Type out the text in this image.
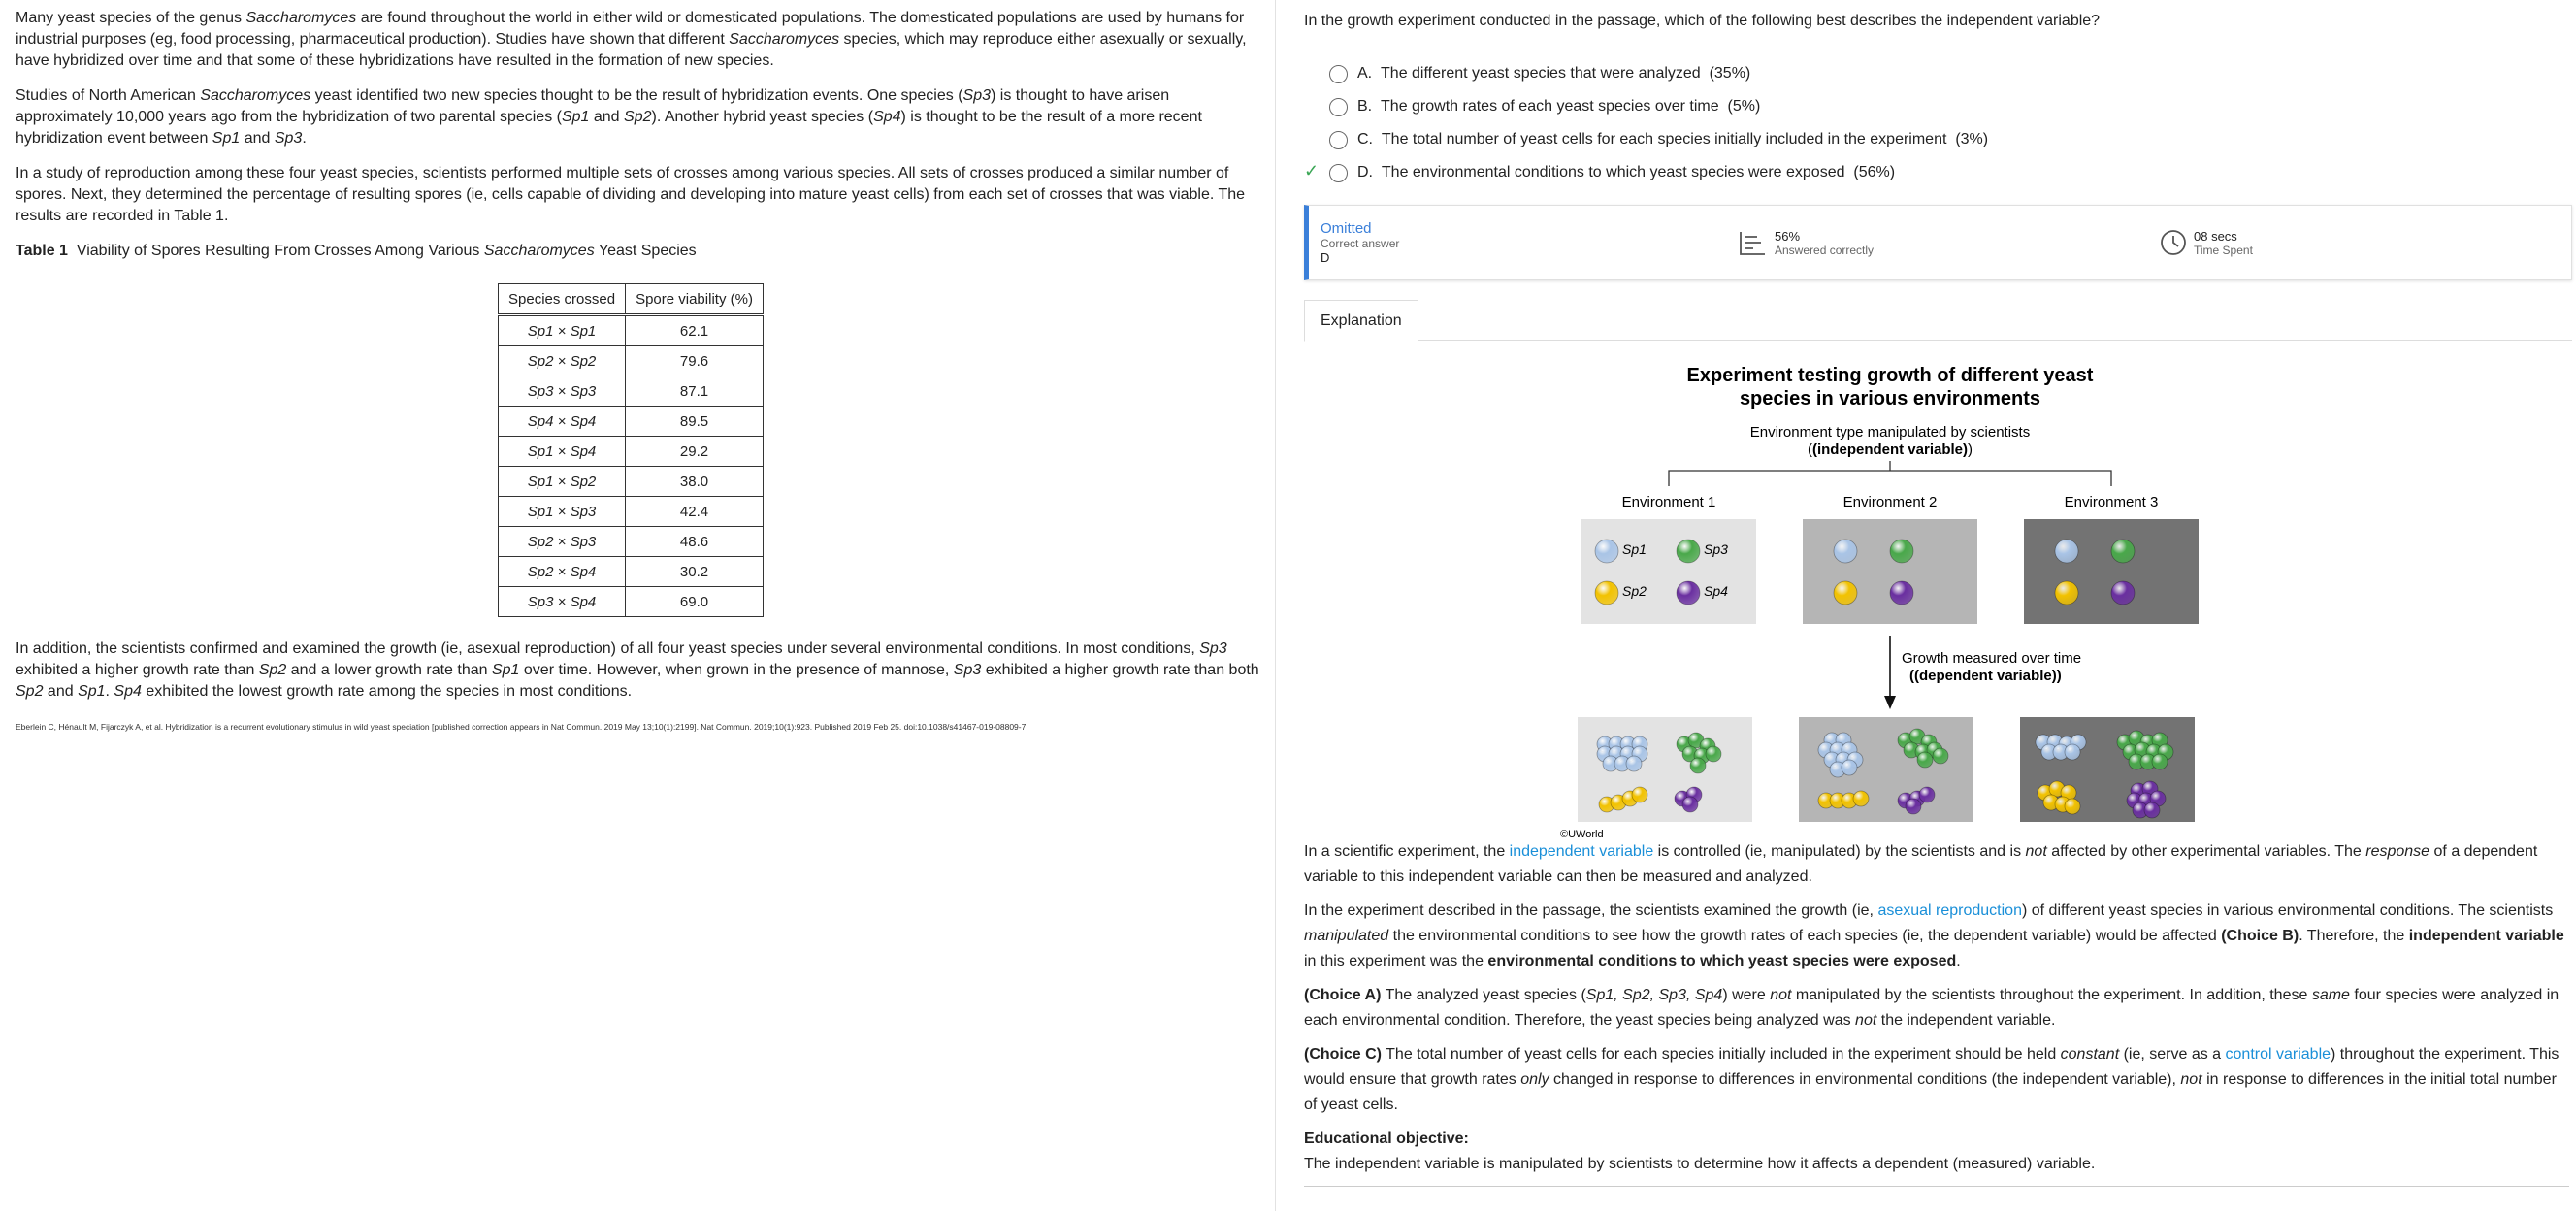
Many yeast species of the genus Saccharomyces are found throughout the world in either wild or domesticated populations. The domesticated populations are used by humans for industrial purposes (eg, food processing, pharmaceutical production). Studies have shown that different Saccharomyces species, which may reproduce either asexually or sexually, have hybridized over time and that some of these hybridizations have resulted in the formation of new species.

Studies of North American Saccharomyces yeast identified two new species thought to be the result of hybridization events. One species (Sp3) is thought to have arisen approximately 10,000 years ago from the hybridization of two parental species (Sp1 and Sp2). Another hybrid yeast species (Sp4) is thought to be the result of a more recent hybridization event between Sp1 and Sp3.

In a study of reproduction among these four yeast species, scientists performed multiple sets of crosses among various species. All sets of crosses produced a similar number of spores. Next, they determined the percentage of resulting spores (ie, cells capable of dividing and developing into mature yeast cells) from each set of crosses that was viable. The results are recorded in Table 1.

Table 1 Viability of Spores Resulting From Crosses Among Various Saccharomyces Yeast Species

Species crossed	Spore viability (%)
Sp1 × Sp1	62.1
Sp2 × Sp2	79.6
Sp3 × Sp3	87.1
Sp4 × Sp4	89.5
Sp1 × Sp4	29.2
Sp1 × Sp2	38.0
Sp1 × Sp3	42.4
Sp2 × Sp3	48.6
Sp2 × Sp4	30.2
Sp3 × Sp4	69.0

In addition, the scientists confirmed and examined the growth (ie, asexual reproduction) of all four yeast species under several environmental conditions. In most conditions, Sp3 exhibited a higher growth rate than Sp2 and a lower growth rate than Sp1 over time. However, when grown in the presence of mannose, Sp3 exhibited a higher growth rate than both Sp2 and Sp1. Sp4 exhibited the lowest growth rate among the species in most conditions.

Eberlein C, Hénault M, Fijarczyk A, et al. Hybridization is a recurrent evolutionary stimulus in wild yeast speciation [published correction appears in Nat Commun. 2019 May 13;10(1):2199]. Nat Commun. 2019;10(1):923. Published 2019 Feb 25. doi:10.1038/s41467-019-08809-7

In the growth experiment conducted in the passage, which of the following best describes the independent variable?

A.
The different yeast species that were analyzed
(35%)
B.
The growth rates of each yeast species over time
(5%)
C.
The total number of yeast cells for each species initially included in the experiment
(3%)
✓ D.
The environmental conditions to which yeast species were exposed
(56%)
Omitted
Correct answer
D
56%
Answered correctly
08 secs
Time Spent
Explanation
Experiment testing growth of different yeast
species in various environments
Environment type manipulated by scientists
((independent variable))
Environment 1	Environment 2	Environment 3
Sp1	Sp3
Sp2	Sp4
Growth measured over time
((dependent variable))
©UWorld

In a scientific experiment, the independent variable is controlled (ie, manipulated) by the scientists and is not affected by other experimental variables. The response of a dependent variable to this independent variable can then be measured and analyzed.

In the experiment described in the passage, the scientists examined the growth (ie, asexual reproduction) of different yeast species in various environmental conditions. The scientists manipulated the environmental conditions to see how the growth rates of each species (ie, the dependent variable) would be affected (Choice B). Therefore, the independent variable in this experiment was the environmental conditions to which yeast species were exposed.

(Choice A) The analyzed yeast species (Sp1, Sp2, Sp3, Sp4) were not manipulated by the scientists throughout the experiment. In addition, these same four species were analyzed in each environmental condition. Therefore, the yeast species being analyzed was not the independent variable.

(Choice C) The total number of yeast cells for each species initially included in the experiment should be held constant (ie, serve as a control variable) throughout the experiment. This would ensure that growth rates only changed in response to differences in environmental conditions (the independent variable), not in response to differences in the initial total number of yeast cells.

Educational objective:

The independent variable is manipulated by scientists to determine how it affects a dependent (measured) variable.
